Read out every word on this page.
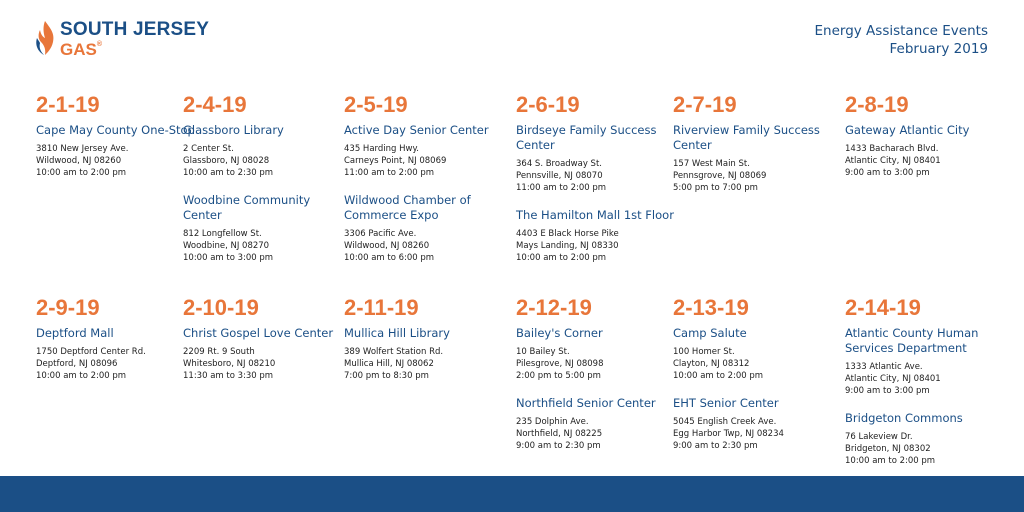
SOUTH JERSEY
GAS®
Energy Assistance Events
February 2019
2-1-19
Cape May County One-Stop
3810 New Jersey Ave.
Wildwood, NJ 08260
10:00 am to 2:00 pm
2-4-19
Glassboro Library
2 Center St.
Glassboro, NJ 08028
10:00 am to 2:30 pm
Woodbine Community Center
812 Longfellow St.
Woodbine, NJ 08270
10:00 am to 3:00 pm
2-5-19
Active Day Senior Center
435 Harding Hwy.
Carneys Point, NJ 08069
11:00 am to 2:00 pm
Wildwood Chamber of Commerce Expo
3306 Pacific Ave.
Wildwood, NJ 08260
10:00 am to 6:00 pm
2-6-19
Birdseye Family Success Center
364 S. Broadway St.
Pennsville, NJ 08070
11:00 am to 2:00 pm
The Hamilton Mall 1st Floor
4403 E Black Horse Pike
Mays Landing, NJ 08330
10:00 am to 2:00 pm
2-7-19
Riverview Family Success Center
157 West Main St.
Pennsgrove, NJ 08069
5:00 pm to 7:00 pm
2-8-19
Gateway Atlantic City
1433 Bacharach Blvd.
Atlantic City, NJ 08401
9:00 am to 3:00 pm
2-9-19
Deptford Mall
1750 Deptford Center Rd.
Deptford, NJ 08096
10:00 am to 2:00 pm
2-10-19
Christ Gospel Love Center
2209 Rt. 9 South
Whitesboro, NJ 08210
11:30 am to 3:30 pm
2-11-19
Mullica Hill Library
389 Wolfert Station Rd.
Mullica Hill, NJ 08062
7:00 pm to 8:30 pm
2-12-19
Bailey's Corner
10 Bailey St.
Pilesgrove, NJ 08098
2:00 pm to 5:00 pm
Northfield Senior Center
235 Dolphin Ave.
Northfield, NJ 08225
9:00 am to 2:30 pm
2-13-19
Camp Salute
100 Homer St.
Clayton, NJ 08312
10:00 am to 2:00 pm
EHT Senior Center
5045 English Creek Ave.
Egg Harbor Twp, NJ 08234
9:00 am to 2:30 pm
2-14-19
Atlantic County Human Services Department
1333 Atlantic Ave.
Atlantic City, NJ 08401
9:00 am to 3:00 pm
Bridgeton Commons
76 Lakeview Dr.
Bridgeton, NJ 08302
10:00 am to 2:00 pm
